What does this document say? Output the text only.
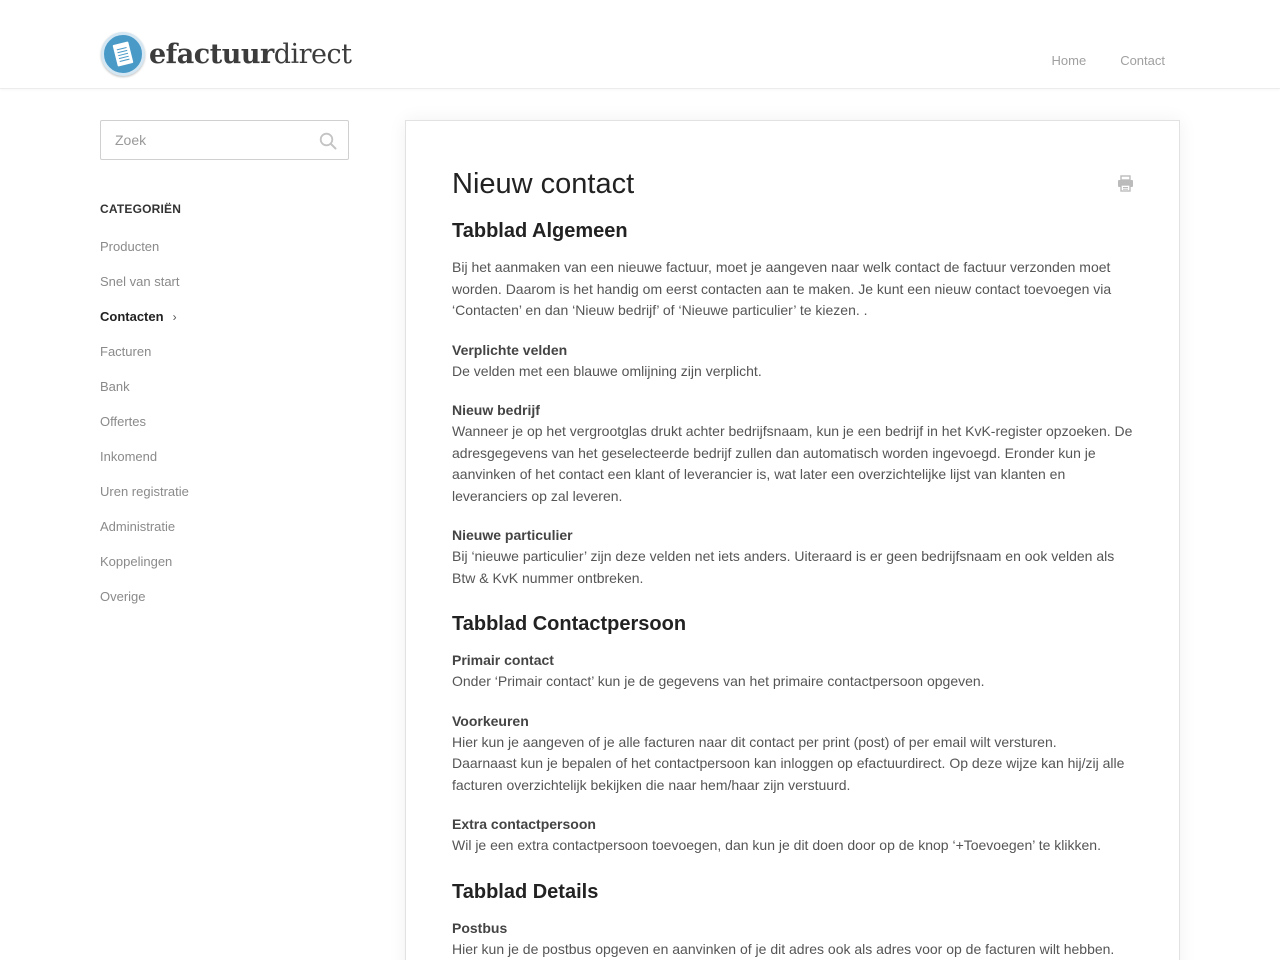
efactuurdirect	Home	Contact
Zoek
CATEGORIËN
Producten
Snel van start
Contacten ›
Facturen
Bank
Offertes
Inkomend
Uren registratie
Administratie
Koppelingen
Overige
Nieuw contact
Tabblad Algemeen

Bij het aanmaken van een nieuwe factuur, moet je aangeven naar welk contact de factuur verzonden moet worden. Daarom is het handig om eerst contacten aan te maken. Je kunt een nieuw contact toevoegen via ‘Contacten’ en dan ‘Nieuw bedrijf’ of ‘Nieuwe particulier’ te kiezen. .

Verplichte velden

De velden met een blauwe omlijning zijn verplicht.

Nieuw bedrijf

Wanneer je op het vergrootglas drukt achter bedrijfsnaam, kun je een bedrijf in het KvK-register opzoeken. De adresgegevens van het geselecteerde bedrijf zullen dan automatisch worden ingevoegd. Eronder kun je aanvinken of het contact een klant of leverancier is, wat later een overzichtelijke lijst van klanten en leveranciers op zal leveren.

Nieuwe particulier

Bij ‘nieuwe particulier’ zijn deze velden net iets anders. Uiteraard is er geen bedrijfsnaam en ook velden als Btw & KvK nummer ontbreken.

Tabblad Contactpersoon
Primair contact

Onder ‘Primair contact’ kun je de gegevens van het primaire contactpersoon opgeven.

Voorkeuren

Hier kun je aangeven of je alle facturen naar dit contact per print (post) of per email wilt versturen.

Daarnaast kun je bepalen of het contactpersoon kan inloggen op efactuurdirect. Op deze wijze kan hij/zij alle facturen overzichtelijk bekijken die naar hem/haar zijn verstuurd.

Extra contactpersoon

Wil je een extra contactpersoon toevoegen, dan kun je dit doen door op de knop ‘+Toevoegen’ te klikken.

Tabblad Details
Postbus

Hier kun je de postbus opgeven en aanvinken of je dit adres ook als adres voor op de facturen wilt hebben.
